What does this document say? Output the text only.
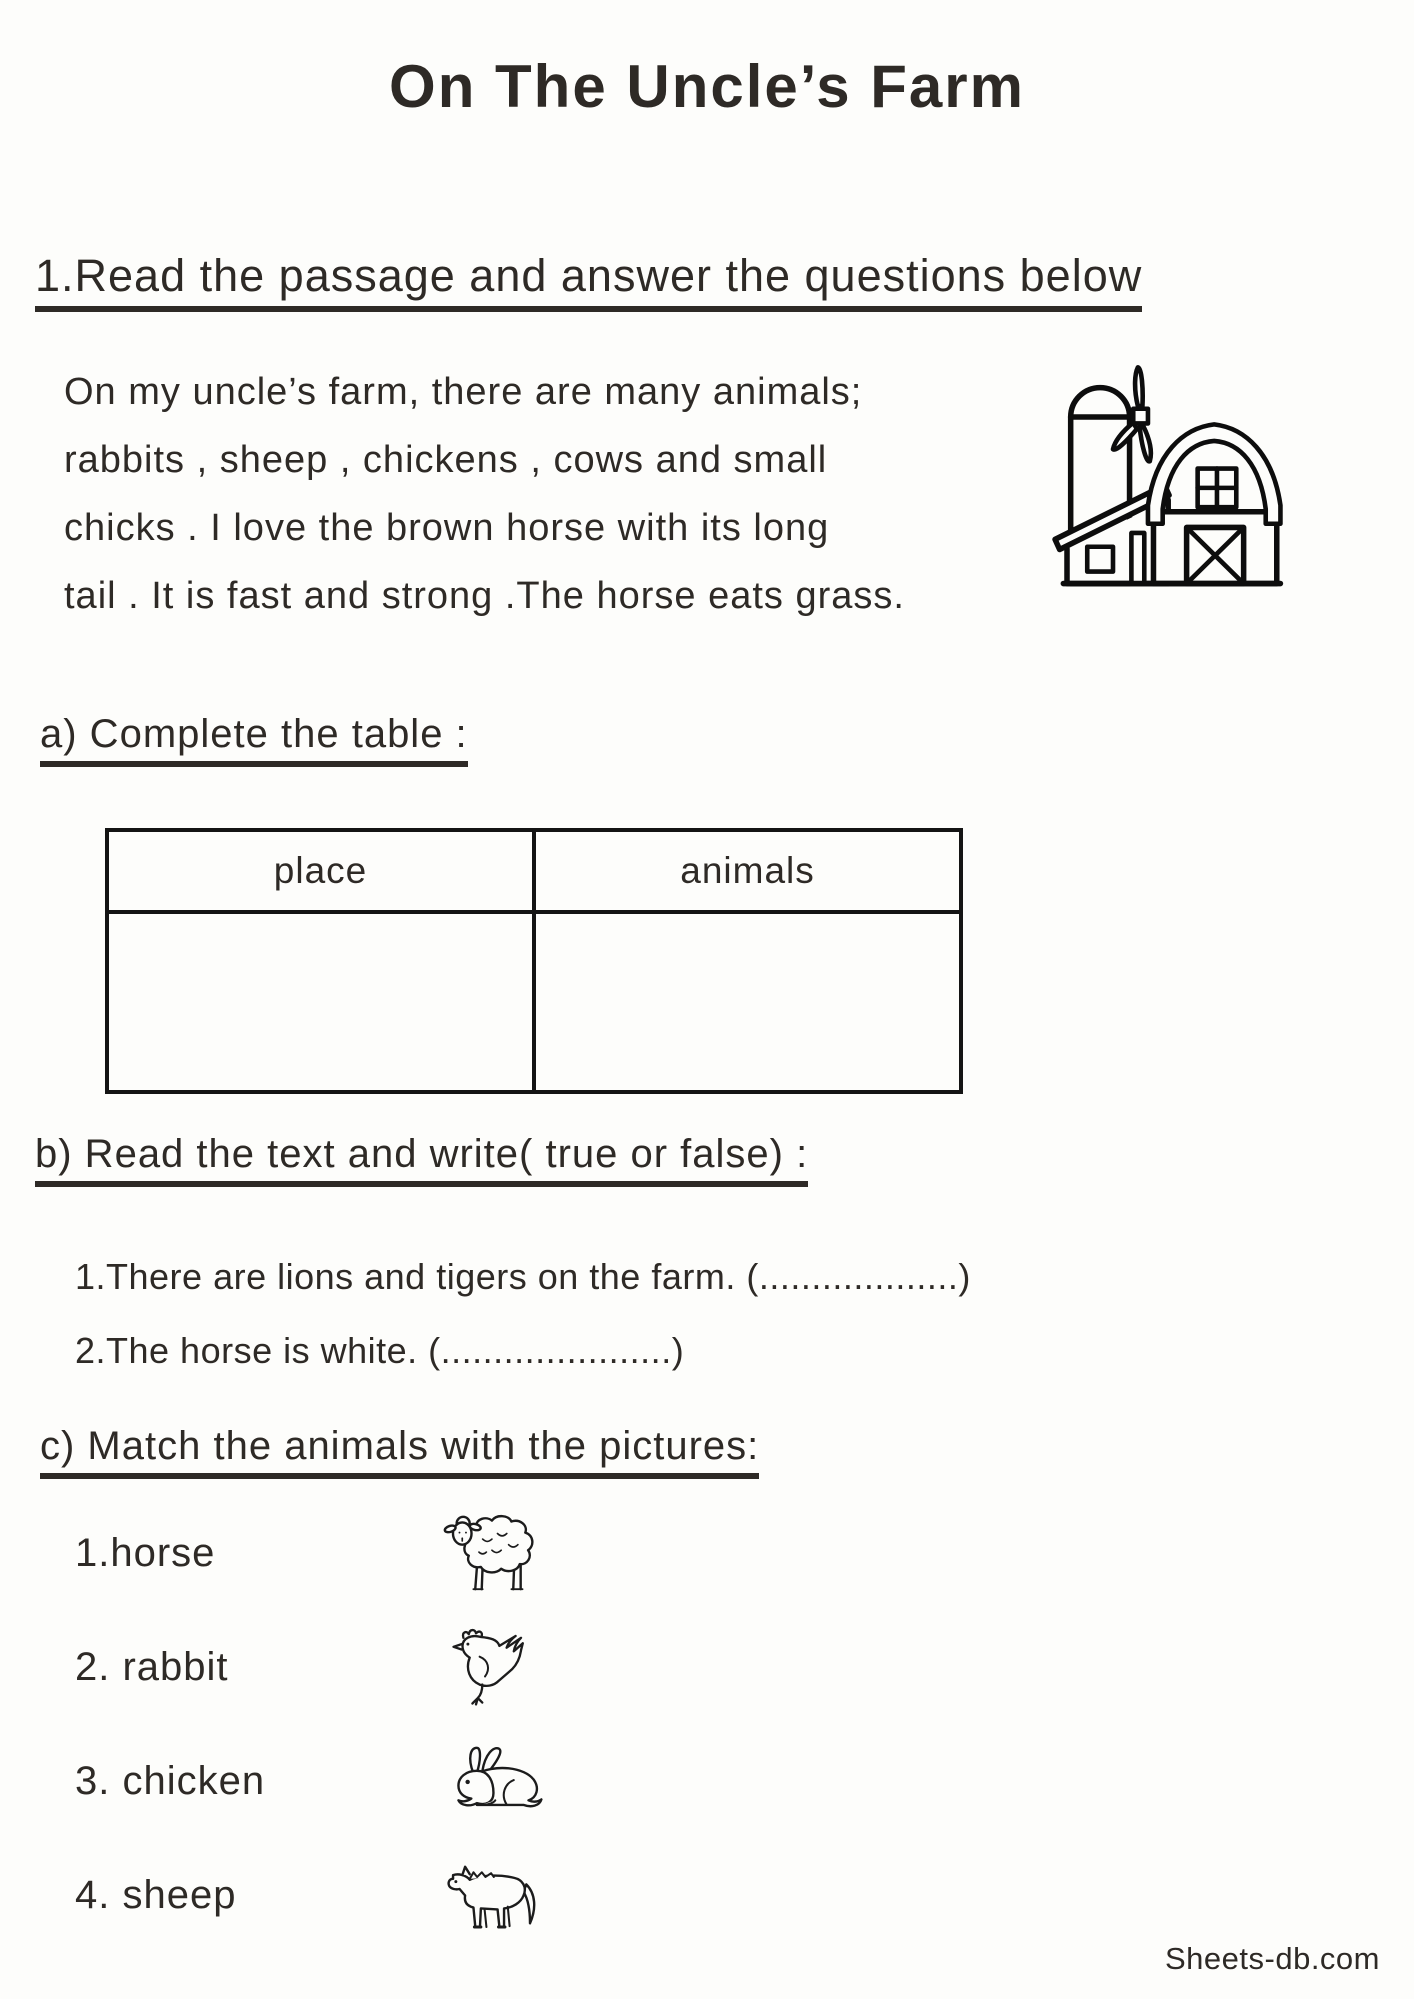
On The Uncle’s Farm
1.Read the passage and answer the questions below
On my uncle’s farm, there are many animals;
rabbits , sheep , chickens , cows and small
chicks . I love the brown horse with its long
tail . It is fast and strong .The horse eats grass.
a) Complete the table :
place	animals
b) Read the text and write( true or false) :
1.There are lions and tigers on the farm. (...................)
2.The horse is white. (......................)
c) Match the animals with the pictures:
1.horse
2. rabbit
3. chicken
4. sheep
Sheets-db.com
